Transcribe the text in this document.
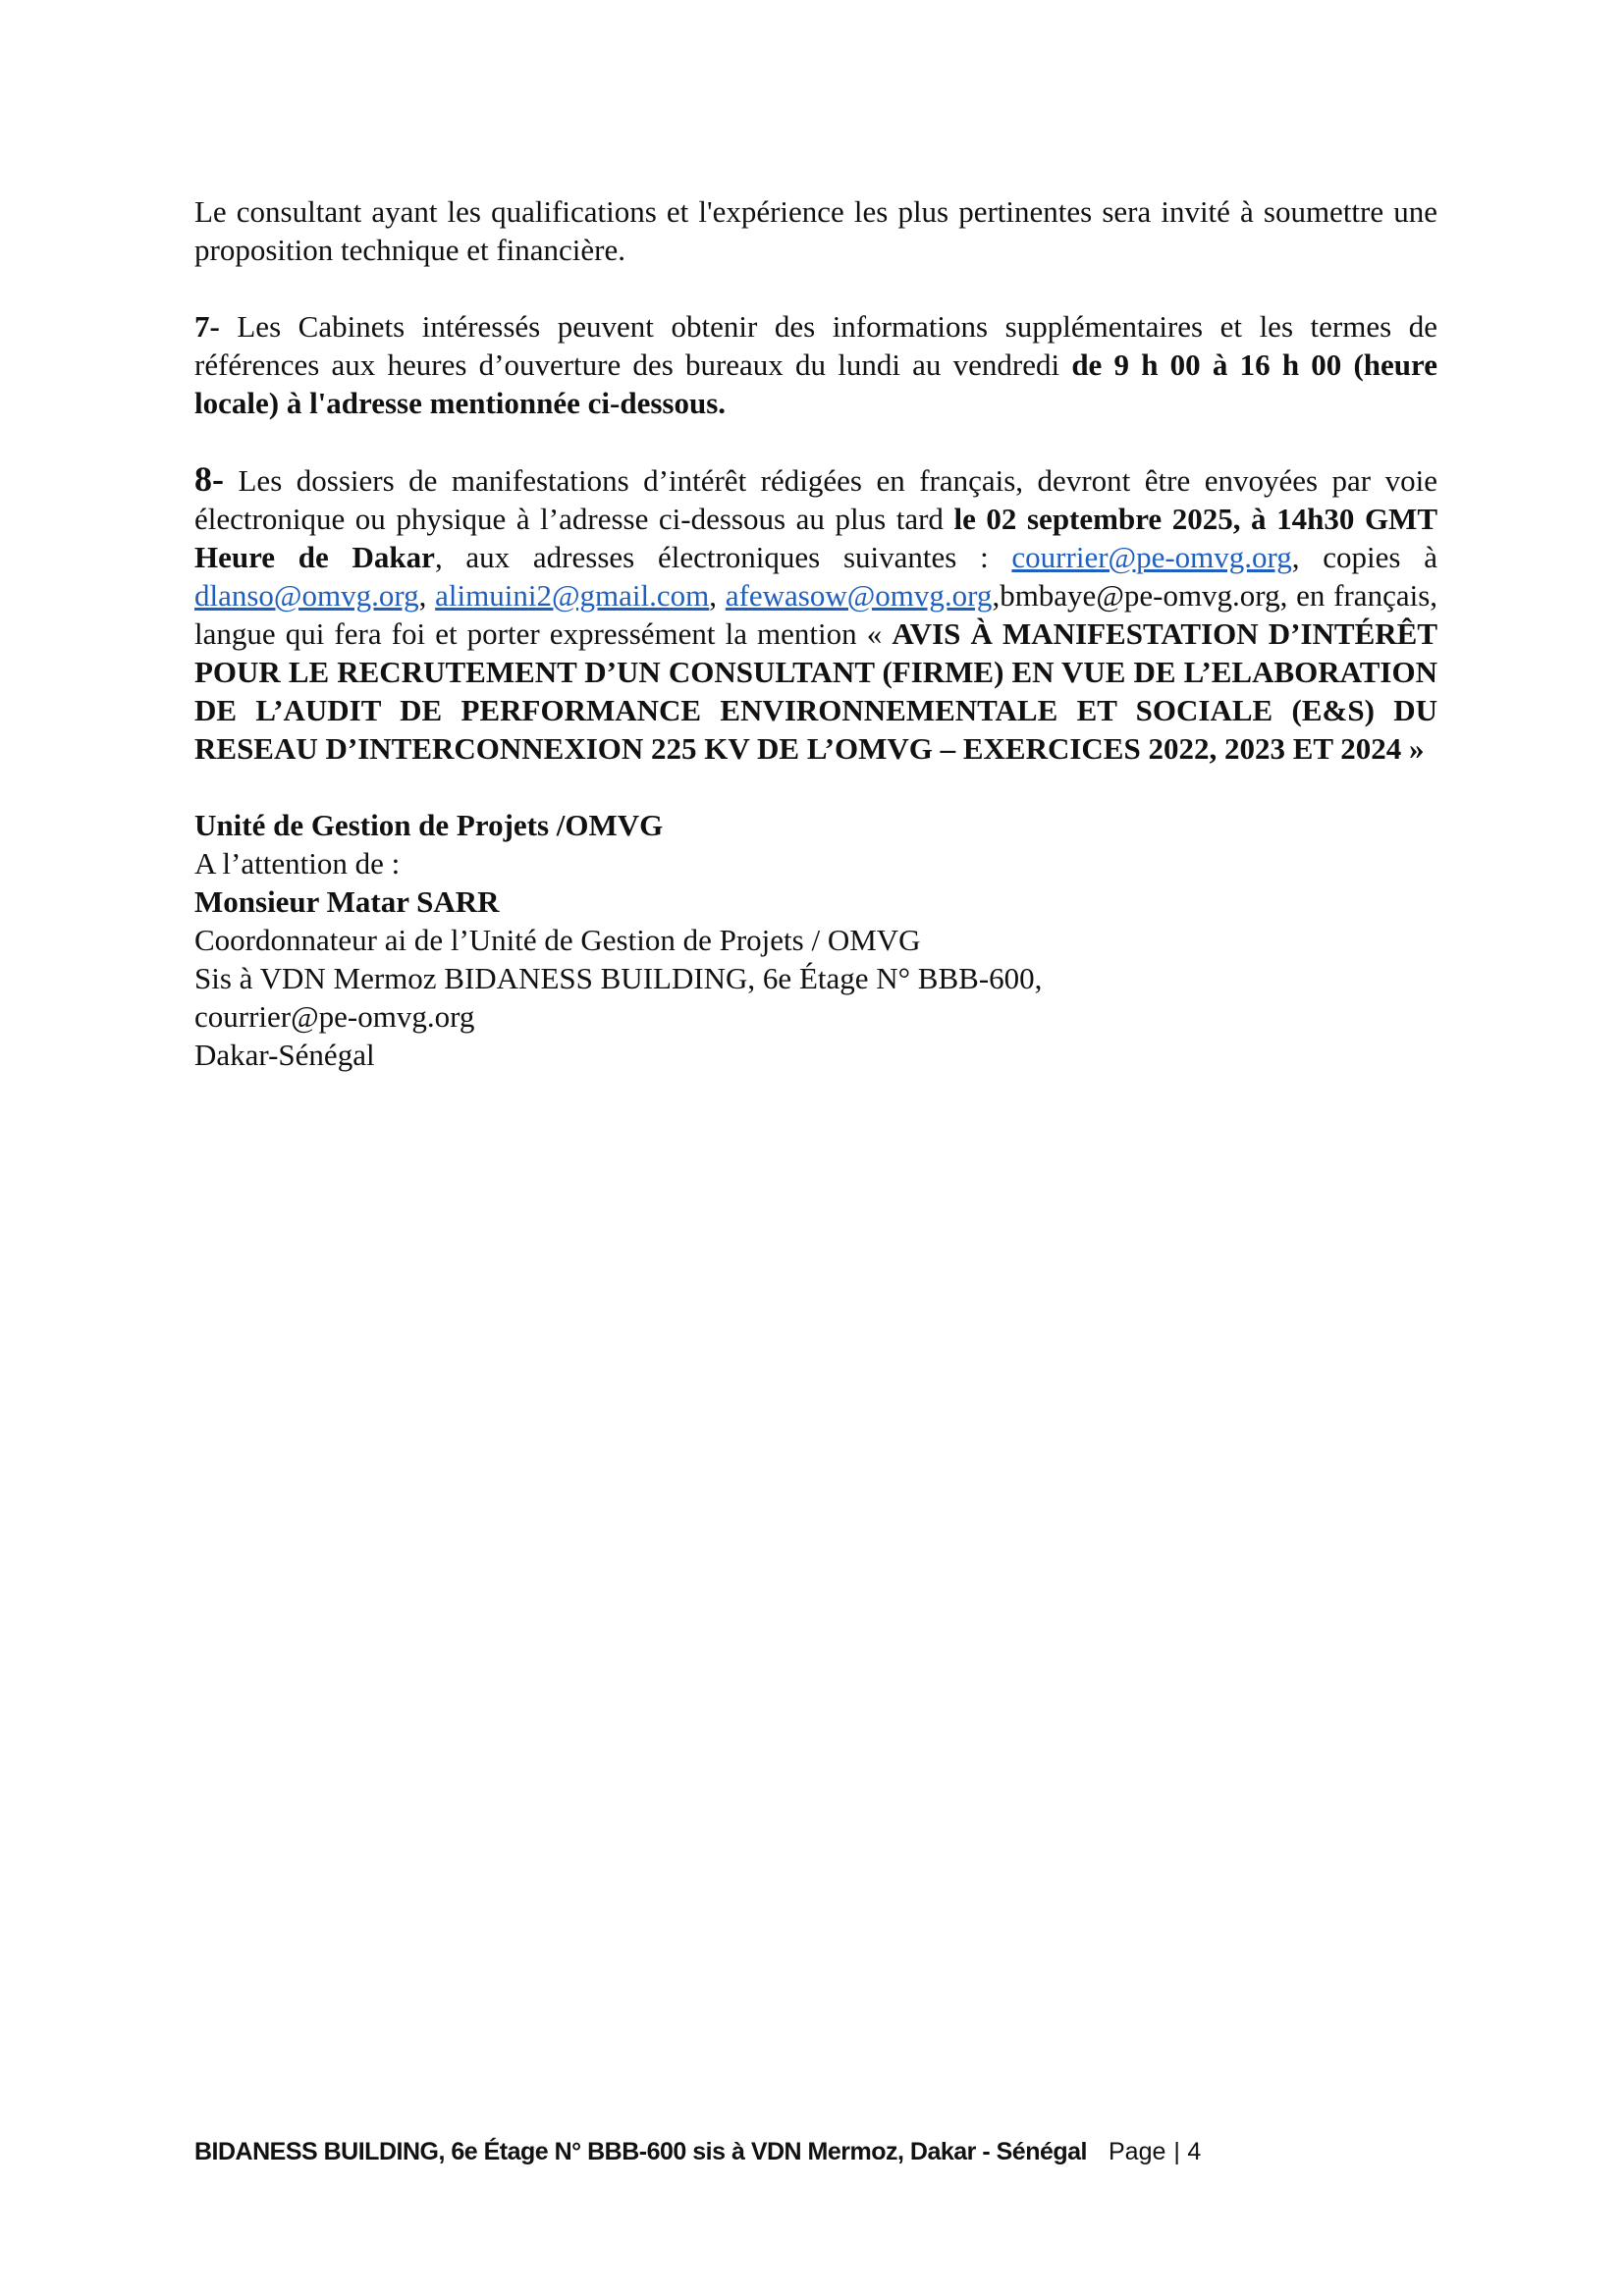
Le consultant ayant les qualifications et l'expérience les plus pertinentes sera invité à soumettre une proposition technique et financière.

7- Les Cabinets intéressés peuvent obtenir des informations supplémentaires et les termes de références aux heures d’ouverture des bureaux du lundi au vendredi de 9 h 00 à 16 h 00 (heure locale) à l'adresse mentionnée ci-dessous.

8- Les dossiers de manifestations d’intérêt rédigées en français, devront être envoyées par voie électronique ou physique à l’adresse ci-dessous au plus tard le 02 septembre 2025, à 14h30 GMT Heure de Dakar, aux adresses électroniques suivantes : courrier@pe-omvg.org, copies à dlanso@omvg.org, alimuini2@gmail.com, afewasow@omvg.org,bmbaye@pe-omvg.org, en français, langue qui fera foi et porter expressément la mention « AVIS À MANIFESTATION D’INTÉRÊT POUR LE RECRUTEMENT D’UN CONSULTANT (FIRME) EN VUE DE L’ELABORATION DE L’AUDIT DE PERFORMANCE ENVIRONNEMENTALE ET SOCIALE (E&S) DU RESEAU D’INTERCONNEXION 225 KV DE L’OMVG – EXERCICES 2022, 2023 ET 2024 »

Unité de Gestion de Projets /OMVG
A l’attention de :
Monsieur Matar SARR
Coordonnateur ai de l’Unité de Gestion de Projets / OMVG
Sis à VDN Mermoz BIDANESS BUILDING, 6e Étage N° BBB-600,
courrier@pe-omvg.org
Dakar-Sénégal
BIDANESS BUILDING, 6e Étage N° BBB-600 sis à VDN Mermoz, Dakar - Sénégal Page | 4
